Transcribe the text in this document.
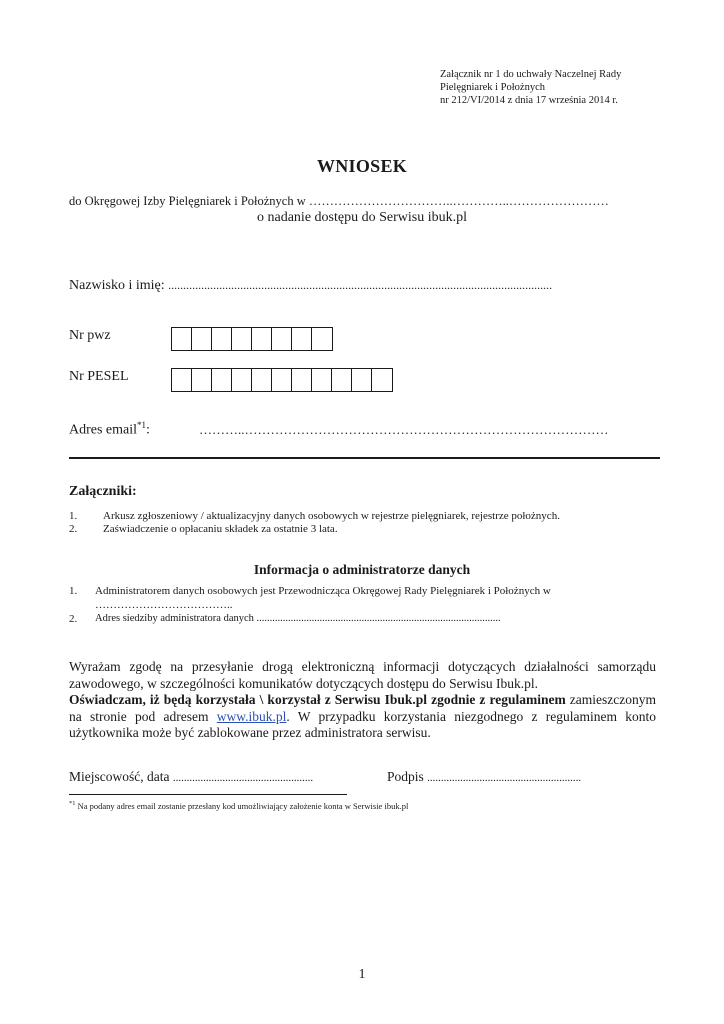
Załącznik nr 1 do uchwały Naczelnej Rady
Pielęgniarek i Położnych
nr 212/VI/2014 z dnia 17 września 2014 r.
WNIOSEK
do Okręgowej Izby Pielęgniarek i Położnych w ……………………………..…………..……………………
o nadanie dostępu do Serwisu ibuk.pl
Nazwisko i imię: ................................................................................................................................
Nr pwz
Nr PESEL
Adres email$^{*1}$:	………..…………………………………………………………………………
Załączniki:
1. Arkusz zgłoszeniowy / aktualizacyjny danych osobowych w rejestrze pielęgniarek, rejestrze położnych.
2. Zaświadczenie o opłacaniu składek za ostatnie 3 lata.
Informacja o administratorze danych
1. Administratorem danych osobowych jest Przewodnicząca Okręgowej Rady Pielęgniarek i Położnych w
………………………………..
2. Adres siedziby administratora danych .............................................................................................
Wyrażam zgodę na przesyłanie drogą elektroniczną informacji dotyczących działalności samorządu
zawodowego, w szczególności komunikatów dotyczących dostępu do Serwisu Ibuk.pl.
Oświadczam, iż będą korzystała \ korzystał z Serwisu Ibuk.pl zgodnie z regulaminem zamieszczonym
na stronie pod adresem www.ibuk.pl. W przypadku korzystania niezgodnego z regulaminem konto
użytkownika może być zablokowane przez administratora serwisu.
Miejscowość, data ...................................................	Podpis ........................................................
$^{*1}$ Na podany adres email zostanie przesłany kod umożliwiający założenie konta w Serwisie ibuk.pl
1
